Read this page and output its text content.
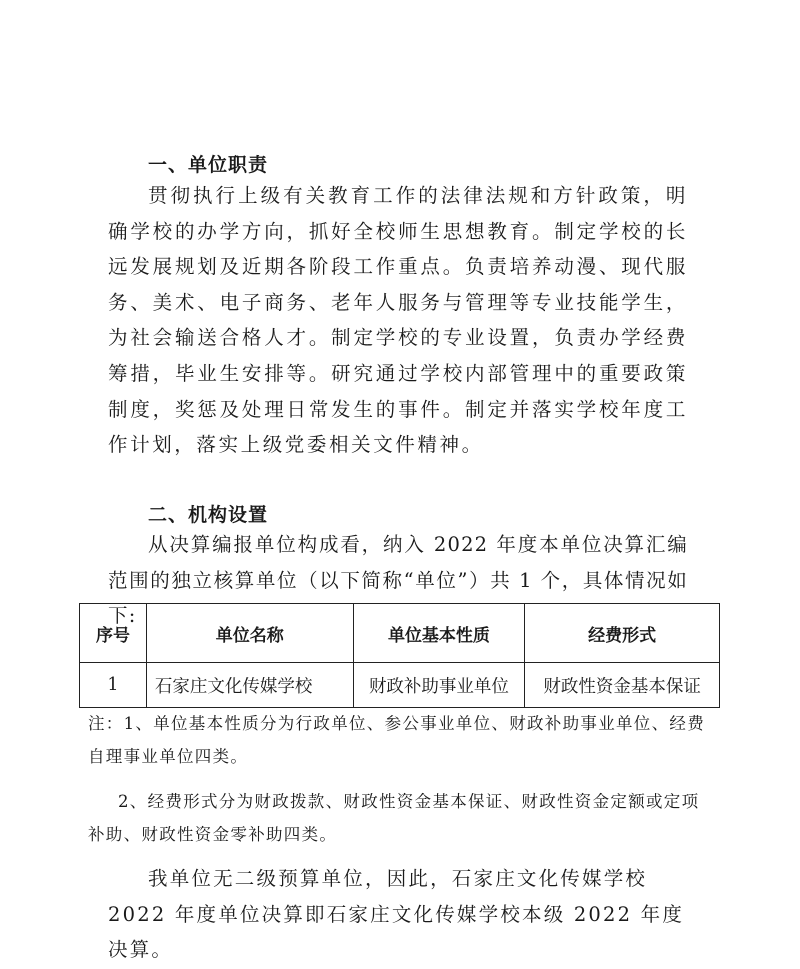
一、单位职责
贯彻执行上级有关教育工作的法律法规和方针政策，明确学校的办学方向，抓好全校师生思想教育。制定学校的长远发展规划及近期各阶段工作重点。负责培养动漫、现代服务、美术、电子商务、老年人服务与管理等专业技能学生，为社会输送合格人才。制定学校的专业设置，负责办学经费筹措，毕业生安排等。研究通过学校内部管理中的重要政策制度，奖惩及处理日常发生的事件。制定并落实学校年度工作计划，落实上级党委相关文件精神。
二、机构设置
从决算编报单位构成看，纳入 2022 年度本单位决算汇编范围的独立核算单位（以下简称“单位”）共 1 个，具体情况如下:
序号	单位名称	单位基本性质	经费形式
1	石家庄文化传媒学校	财政补助事业单位	财政性资金基本保证
注：1、单位基本性质分为行政单位、参公事业单位、财政补助事业单位、经费自理事业单位四类。
2、经费形式分为财政拨款、财政性资金基本保证、财政性资金定额或定项补助、财政性资金零补助四类。
我单位无二级预算单位，因此，石家庄文化传媒学校 2022 年度单位决算即石家庄文化传媒学校本级 2022 年度决算。
